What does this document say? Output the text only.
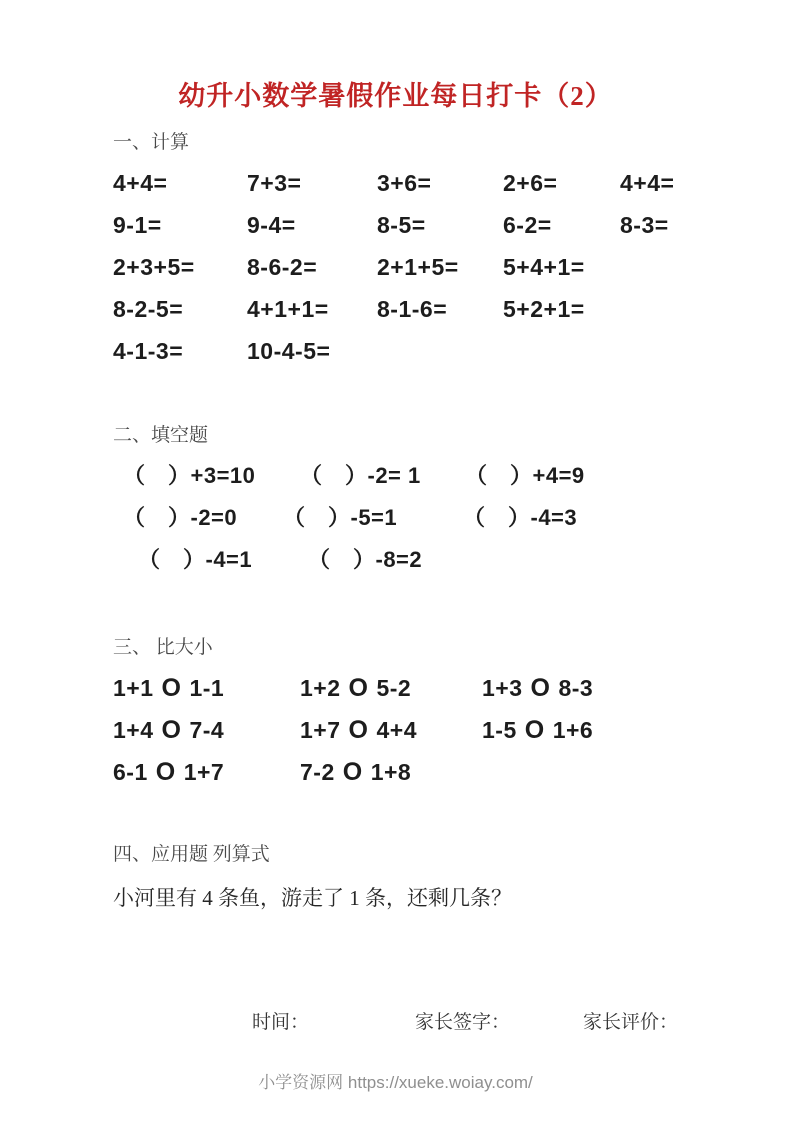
幼升小数学暑假作业每日打卡（2）
一、计算
4+4=	7+3=	3+6=	2+6=	4+4=
9-1=	9-4=	8-5=	6-2=	8-3=
2+3+5=	8-6-2=	2+1+5=	5+4+1=
8-2-5=	4+1+1=	8-1-6=	5+2+1=
4-1-3=	10-4-5=
二、填空题
（　）+3=10	（　）-2= 1	（　）+4=9
（　）-2=0	（　）-5=1	（　）-4=3
（　）-4=1	（　）-8=2
三、 比大小
1+1 O 1-1	1+2 O 5-2	1+3 O 8-3
1+4 O 7-4	1+7 O 4+4	1-5 O 1+6
6-1 O 1+7	7-2 O 1+8
四、应用题 列算式
小河里有 4 条鱼，游走了 1 条，还剩几条？
时间：	家长签字：	家长评价：
小学资源网 https://xueke.woiay.com/
